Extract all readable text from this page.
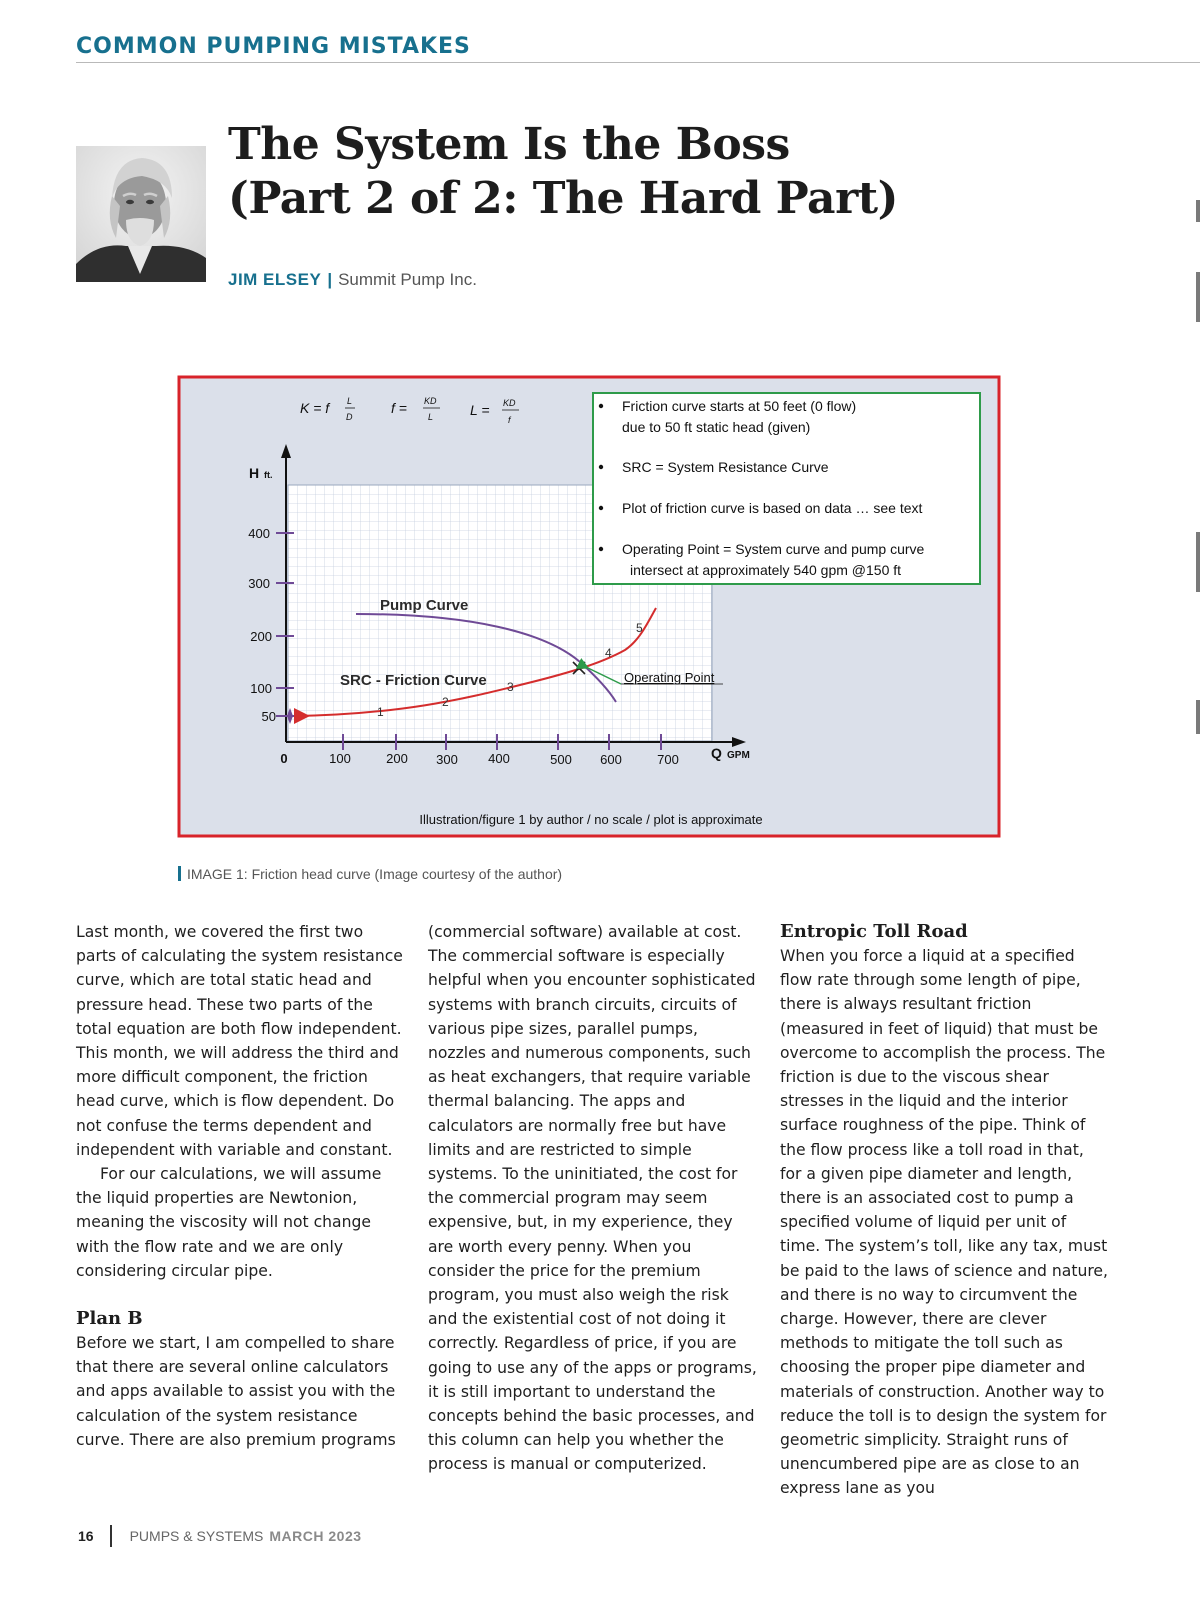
COMMON PUMPING MISTAKES
The System Is the Boss
(Part 2 of 2: The Hard Part)
JIM ELSEY | Summit Pump Inc.
H ft.
Q GPM
400
300
200
100
50
0	100	200 300 400	500 600	700
K = f L
D
f = KD
L	L = KD
f
Pump Curve
SRC - Friction Curve
1
2
3
4
5
Operating Point
Friction curve starts at 50 feet (0 flow)
due to 50 ft static head (given)
SRC = System Resistance Curve
Plot of friction curve is based on data … see text
Operating Point = System curve and pump curve
intersect at approximately 540 gpm @150 ft
Illustration/figure 1 by author / no scale / plot is approximate
IMAGE 1: Friction head curve (Image courtesy of the author)

Last month, we covered the first two parts of calculating the system resistance curve, which are total static head and pressure head. These two parts of the total equation are both flow independent. This month, we will address the third and more difficult component, the friction head curve, which is flow dependent. Do not confuse the terms dependent and independent with variable and constant.

For our calculations, we will assume the liquid properties are Newtonion, meaning the viscosity will not change with the flow rate and we are only considering circular pipe.

Plan B

Before we start, I am compelled to share that there are several online calculators and apps available to assist you with the calculation of the system resistance curve. There are also premium programs

(commercial software) available at cost. The commercial software is especially helpful when you encounter sophisticated systems with branch circuits, circuits of various pipe sizes, parallel pumps, nozzles and numerous components, such as heat exchangers, that require variable thermal balancing. The apps and calculators are normally free but have limits and are restricted to simple systems. To the uninitiated, the cost for the commercial program may seem expensive, but, in my experience, they are worth every penny. When you consider the price for the premium program, you must also weigh the risk and the existential cost of not doing it correctly. Regardless of price, if you are going to use any of the apps or programs, it is still important to understand the concepts behind the basic processes, and this column can help you whether the process is manual or computerized.

Entropic Toll Road

When you force a liquid at a specified flow rate through some length of pipe, there is always resultant friction (measured in feet of liquid) that must be overcome to accomplish the process. The friction is due to the viscous shear stresses in the liquid and the interior surface roughness of the pipe. Think of the flow process like a toll road in that, for a given pipe diameter and length, there is an associated cost to pump a specified volume of liquid per unit of time. The system’s toll, like any tax, must be paid to the laws of science and nature, and there is no way to circumvent the charge. However, there are clever methods to mitigate the toll such as choosing the proper pipe diameter and materials of construction. Another way to reduce the toll is to design the system for geometric simplicity. Straight runs of unencumbered pipe are as close to an express lane as you

16	PUMPS & SYSTEMS MARCH 2023
